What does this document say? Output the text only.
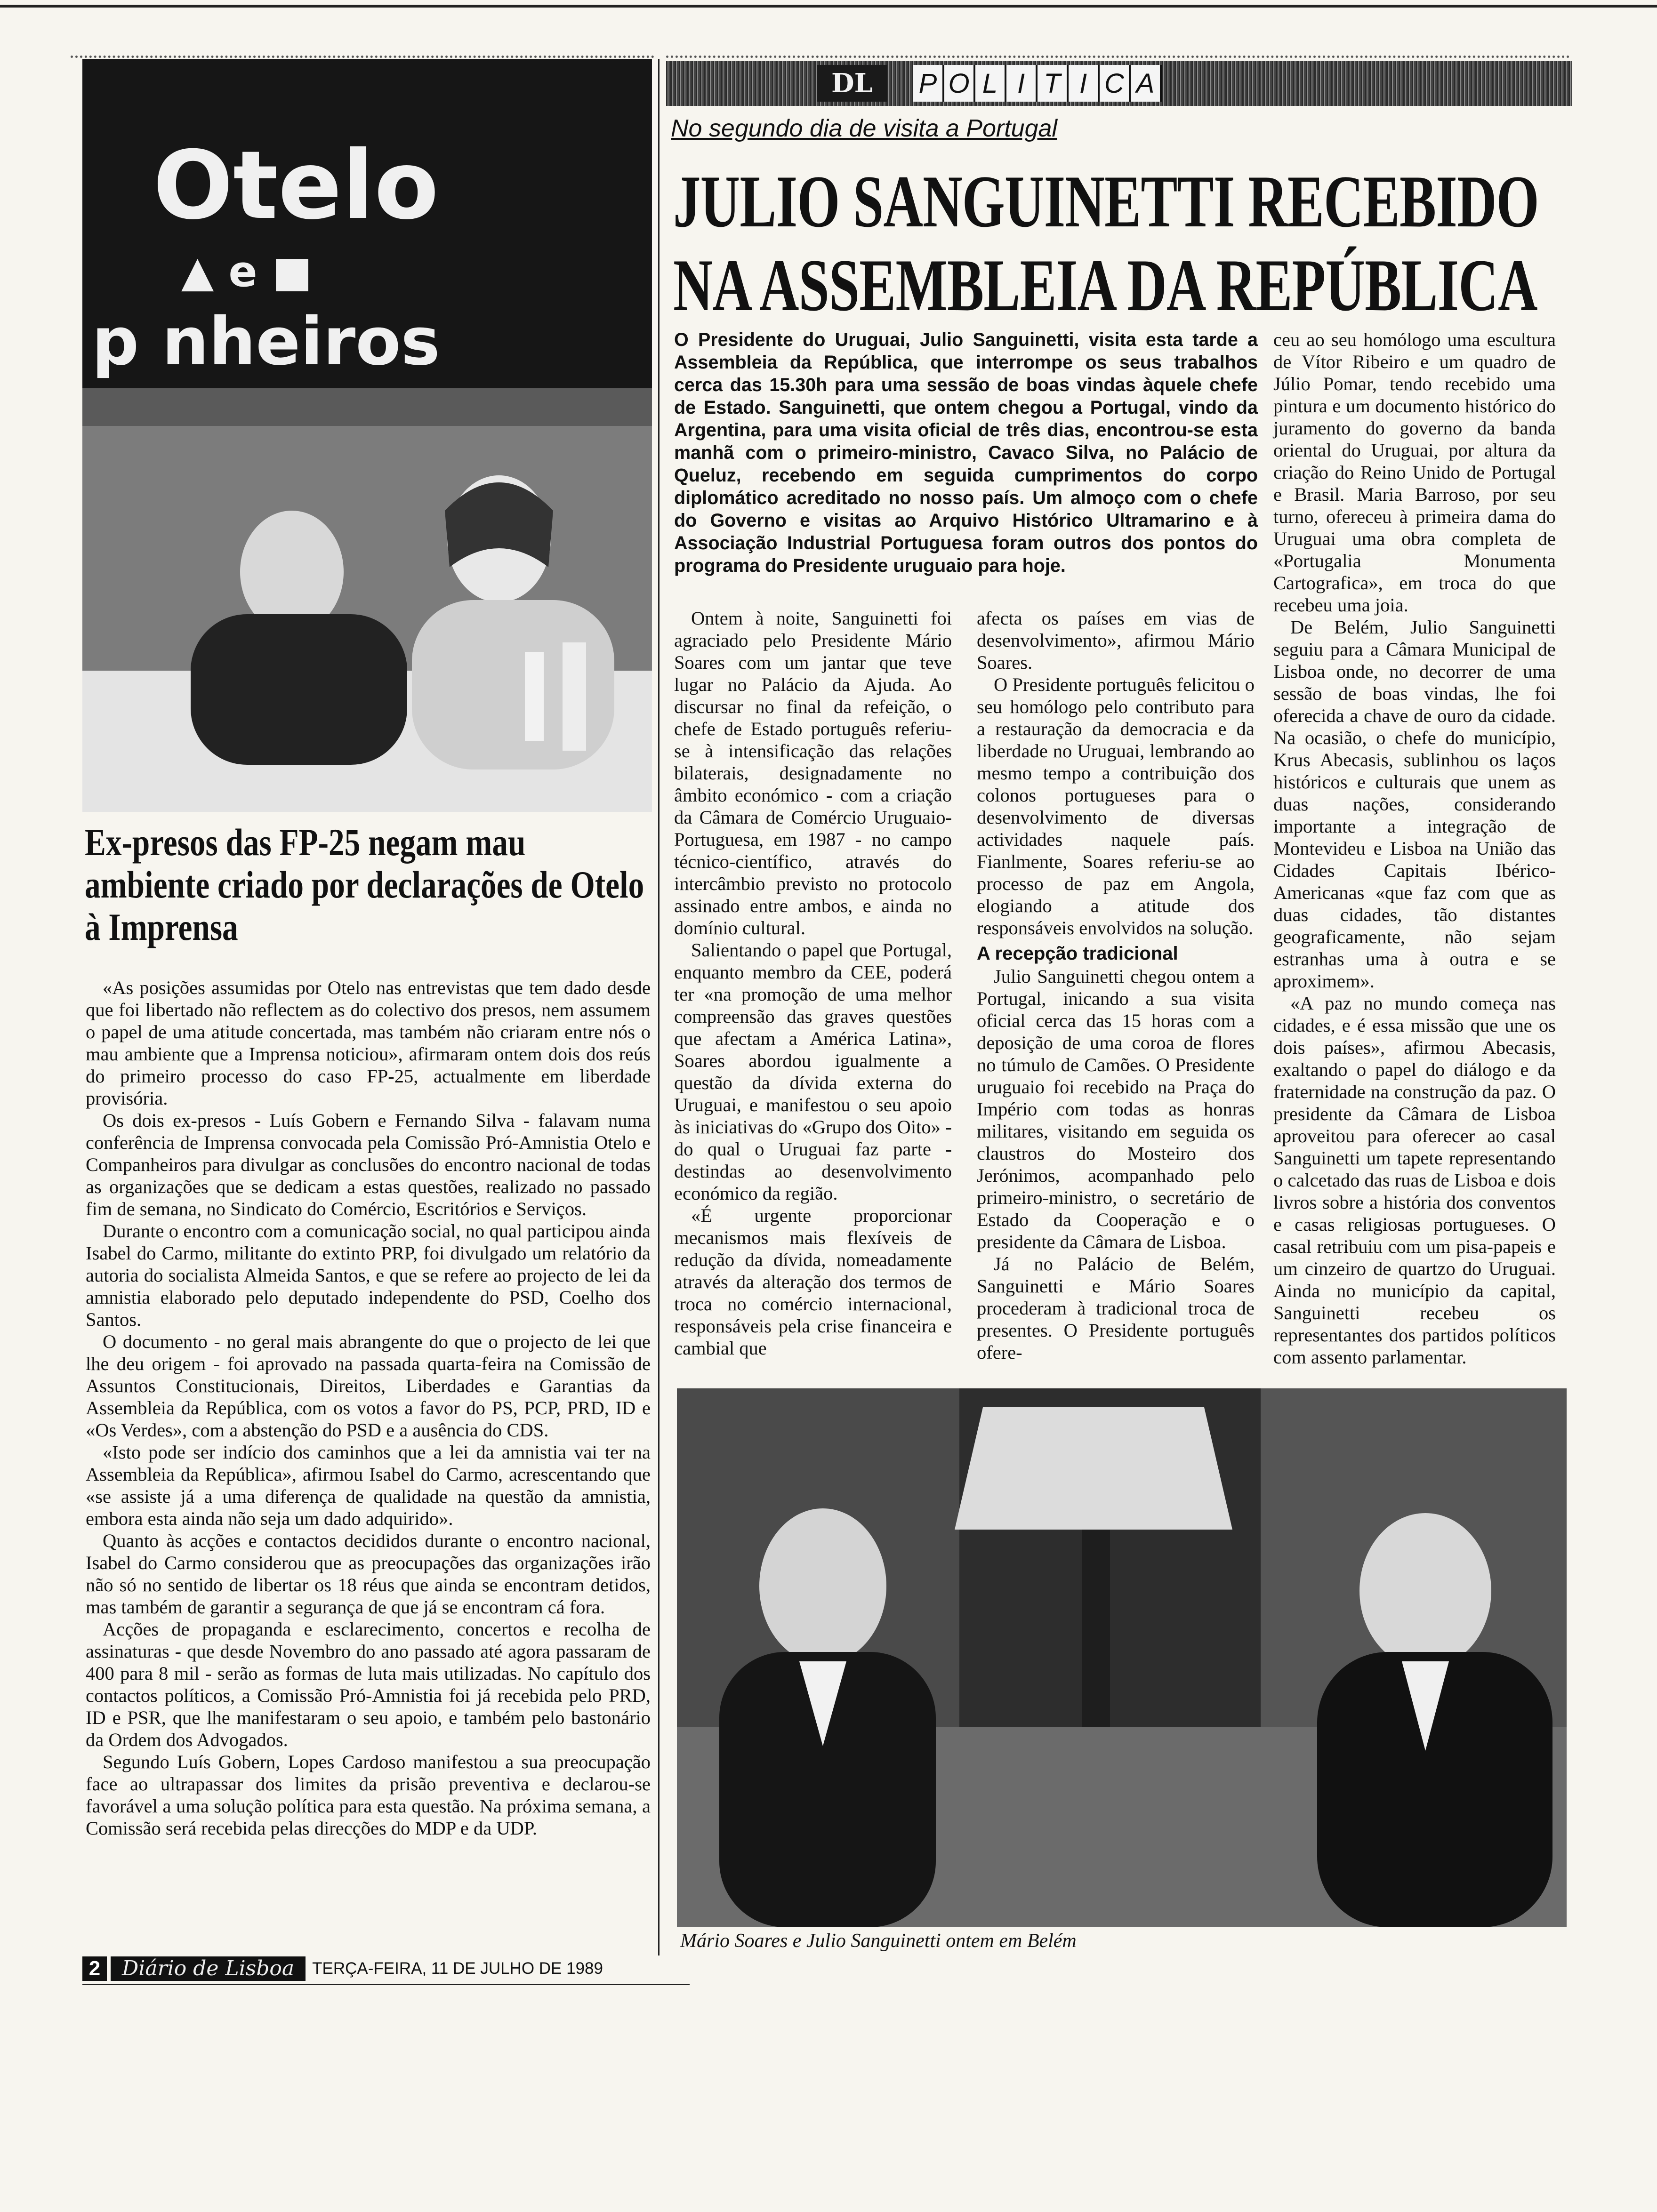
Otelo
▲ e ■
p nheiros
Ex-presos das FP-25 negam mau ambiente criado por declarações de Otelo à Imprensa

«As posições assumidas por Otelo nas entrevistas que tem dado desde que foi libertado não reflectem as do colectivo dos presos, nem assumem o papel de uma atitude concertada, mas também não criaram entre nós o mau ambiente que a Imprensa noticiou», afirmaram ontem dois dos reús do primeiro processo do caso FP-25, actualmente em liberdade provisória.

Os dois ex-presos - Luís Gobern e Fernando Silva - falavam numa conferência de Imprensa convocada pela Comissão Pró-Amnistia Otelo e Companheiros para divulgar as conclusões do encontro nacional de todas as organizações que se dedicam a estas questões, realizado no passado fim de semana, no Sindicato do Comércio, Escritórios e Serviços.

Durante o encontro com a comunicação social, no qual participou ainda Isabel do Carmo, militante do extinto PRP, foi divulgado um relatório da autoria do socialista Almeida Santos, e que se refere ao projecto de lei da amnistia elaborado pelo deputado independente do PSD, Coelho dos Santos.

O documento - no geral mais abrangente do que o projecto de lei que lhe deu origem - foi aprovado na passada quarta-feira na Comissão de Assuntos Constitucionais, Direitos, Liberdades e Garantias da Assembleia da República, com os votos a favor do PS, PCP, PRD, ID e «Os Verdes», com a abstenção do PSD e a ausência do CDS.

«Isto pode ser indício dos caminhos que a lei da amnistia vai ter na Assembleia da República», afirmou Isabel do Carmo, acrescentando que «se assiste já a uma diferença de qualidade na questão da amnistia, embora esta ainda não seja um dado adquirido».

Quanto às acções e contactos decididos durante o encontro nacional, Isabel do Carmo considerou que as preocupações das organizações irão não só no sentido de libertar os 18 réus que ainda se encontram detidos, mas também de garantir a segurança de que já se encontram cá fora.

Acções de propaganda e esclarecimento, concertos e recolha de assinaturas - que desde Novembro do ano passado até agora passaram de 400 para 8 mil - serão as formas de luta mais utilizadas. No capítulo dos contactos políticos, a Comissão Pró-Amnistia foi já recebida pelo PRD, ID e PSR, que lhe manifestaram o seu apoio, e também pelo bastonário da Ordem dos Advogados.

Segundo Luís Gobern, Lopes Cardoso manifestou a sua preocupação face ao ultrapassar dos limites da prisão preventiva e declarou-se favorável a uma solução política para esta questão. Na próxima semana, a Comissão será recebida pelas direcções do MDP e da UDP.

DL	P O L I T I C A
No segundo dia de visita a Portugal
JULIO SANGUINETTI RECEBIDO
NA ASSEMBLEIA DA REPÚBLICA

O Presidente do Uruguai, Julio Sanguinetti, visita esta tarde a Assembleia da República, que interrompe os seus trabalhos cerca das 15.30h para uma sessão de boas vindas àquele chefe de Estado. Sanguinetti, que ontem chegou a Portugal, vindo da Argentina, para uma visita oficial de três dias, encontrou-se esta manhã com o primeiro-ministro, Cavaco Silva, no Palácio de Queluz, recebendo em seguida cumprimentos do corpo diplomático acreditado no nosso país. Um almoço com o chefe do Governo e visitas ao Arquivo Histórico Ultramarino e à Associação Industrial Portuguesa foram outros dos pontos do programa do Presidente uruguaio para hoje.

Ontem à noite, Sanguinetti foi agraciado pelo Presidente Mário Soares com um jantar que teve lugar no Palácio da Ajuda. Ao discursar no final da refeição, o chefe de Estado português referiu-se à intensificação das relações bilaterais, designadamente no âmbito económico - com a criação da Câmara de Comércio Uruguaio-Portuguesa, em 1987 - no campo técnico-científico, através do intercâmbio previsto no protocolo assinado entre ambos, e ainda no domínio cultural.

Salientando o papel que Portugal, enquanto membro da CEE, poderá ter «na promoção de uma melhor compreensão das graves questões que afectam a América Latina», Soares abordou igualmente a questão da dívida externa do Uruguai, e manifestou o seu apoio às iniciativas do «Grupo dos Oito» - do qual o Uruguai faz parte - destindas ao desenvolvimento económico da região.

«É urgente proporcionar mecanismos mais flexíveis de redução da dívida, nomeadamente através da alteração dos termos de troca no comércio internacional, responsáveis pela crise financeira e cambial que

afecta os países em vias de desenvolvimento», afirmou Mário Soares.

O Presidente português felicitou o seu homólogo pelo contributo para a restauração da democracia e da liberdade no Uruguai, lembrando ao mesmo tempo a contribuição dos colonos portugueses para o desenvolvimento de diversas actividades naquele país. Fianlmente, Soares referiu-se ao processo de paz em Angola, elogiando a atitude dos responsáveis envolvidos na solução.

A recepção tradicional

Julio Sanguinetti chegou ontem a Portugal, inicando a sua visita oficial cerca das 15 horas com a deposição de uma coroa de flores no túmulo de Camões. O Presidente uruguaio foi recebido na Praça do Império com todas as honras militares, visitando em seguida os claustros do Mosteiro dos Jerónimos, acompanhado pelo primeiro-ministro, o secretário de Estado da Cooperação e o presidente da Câmara de Lisboa.

Já no Palácio de Belém, Sanguinetti e Mário Soares procederam à tradicional troca de presentes. O Presidente português ofere-

ceu ao seu homólogo uma escultura de Vítor Ribeiro e um quadro de Júlio Pomar, tendo recebido uma pintura e um documento histórico do juramento do governo da banda oriental do Uruguai, por altura da criação do Reino Unido de Portugal e Brasil. Maria Barroso, por seu turno, ofereceu à primeira dama do Uruguai uma obra completa de «Portugalia Monumenta Cartografica», em troca do que recebeu uma joia.

De Belém, Julio Sanguinetti seguiu para a Câmara Municipal de Lisboa onde, no decorrer de uma sessão de boas vindas, lhe foi oferecida a chave de ouro da cidade. Na ocasião, o chefe do município, Krus Abecasis, sublinhou os laços históricos e culturais que unem as duas nações, considerando importante a integração de Montevideu e Lisboa na União das Cidades Capitais Ibérico-Americanas «que faz com que as duas cidades, tão distantes geograficamente, não sejam estranhas uma à outra e se aproximem».

«A paz no mundo começa nas cidades, e é essa missão que une os dois países», afirmou Abecasis, exaltando o papel do diálogo e da fraternidade na construção da paz. O presidente da Câmara de Lisboa aproveitou para oferecer ao casal Sanguinetti um tapete representando o calcetado das ruas de Lisboa e dois livros sobre a história dos conventos e casas religiosas portugueses. O casal retribuiu com um pisa-papeis e um cinzeiro de quartzo do Uruguai. Ainda no município da capital, Sanguinetti recebeu os representantes dos partidos políticos com assento parlamentar.

Mário Soares e Julio Sanguinetti ontem em Belém
2	Diário de Lisboa	TERÇA-FEIRA, 11 DE JULHO DE 1989
